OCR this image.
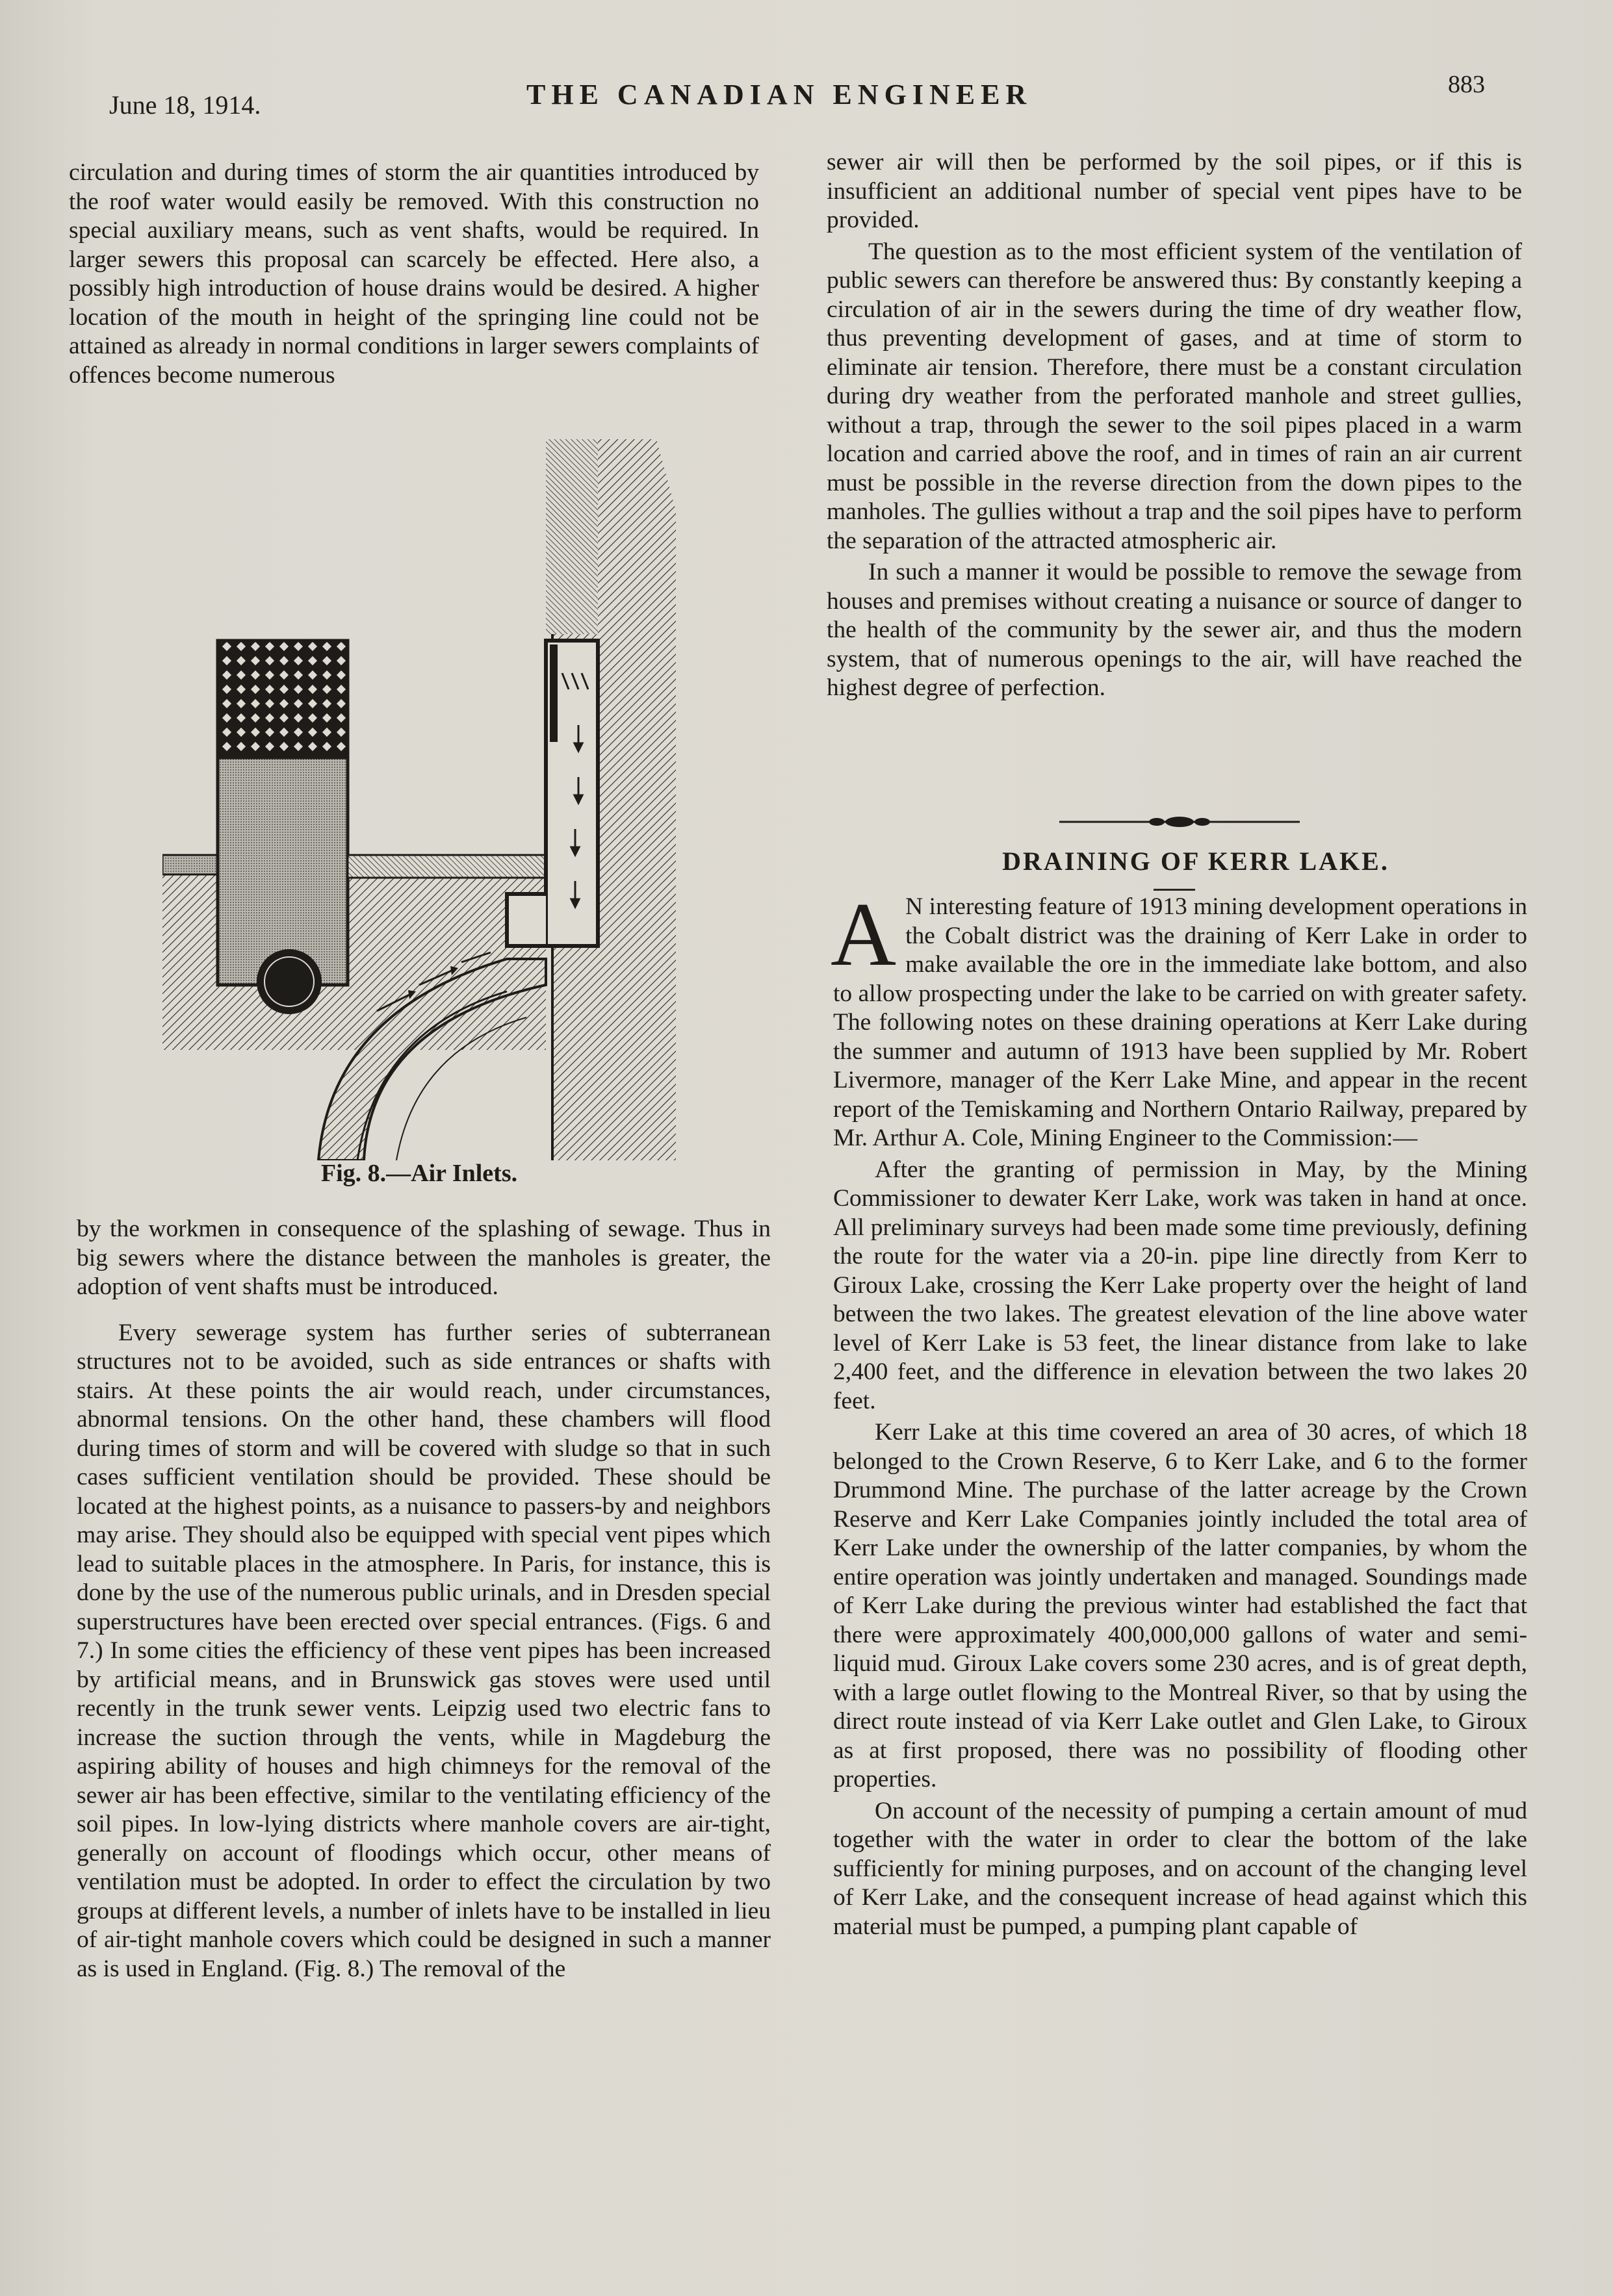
June 18, 1914.	THE CANADIAN ENGINEER	883

circulation and during times of storm the air quantities introduced by the roof water would easily be removed. With this construction no special auxiliary means, such as vent shafts, would be required. In larger sewers this proposal can scarcely be effected. Here also, a possibly high introduction of house drains would be desired. A higher location of the mouth in height of the springing line could not be attained as already in normal conditions in larger sewers complaints of offences become numerous

Fig. 8.—Air Inlets.

by the workmen in consequence of the splashing of sewage. Thus in big sewers where the distance between the manholes is greater, the adoption of vent shafts must be introduced.

Every sewerage system has further series of subterranean structures not to be avoided, such as side entrances or shafts with stairs. At these points the air would reach, under circumstances, abnormal tensions. On the other hand, these chambers will flood during times of storm and will be covered with sludge so that in such cases sufficient ventilation should be provided. These should be located at the highest points, as a nuisance to passers-by and neighbors may arise. They should also be equipped with special vent pipes which lead to suitable places in the atmosphere. In Paris, for instance, this is done by the use of the numerous public urinals, and in Dresden special superstructures have been erected over special entrances. (Figs. 6 and 7.) In some cities the efficiency of these vent pipes has been increased by artificial means, and in Brunswick gas stoves were used until recently in the trunk sewer vents. Leipzig used two electric fans to increase the suction through the vents, while in Magdeburg the aspiring ability of houses and high chimneys for the removal of the sewer air has been effective, similar to the ventilating efficiency of the soil pipes. In low-lying districts where manhole covers are air-tight, generally on account of floodings which occur, other means of ventilation must be adopted. In order to effect the circulation by two groups at different levels, a number of inlets have to be installed in lieu of air-tight manhole covers which could be designed in such a manner as is used in England. (Fig. 8.) The removal of the

sewer air will then be performed by the soil pipes, or if this is insufficient an additional number of special vent pipes have to be provided.

The question as to the most efficient system of the ventilation of public sewers can therefore be answered thus: By constantly keeping a circulation of air in the sewers during the time of dry weather flow, thus preventing development of gases, and at time of storm to eliminate air tension. Therefore, there must be a constant circulation during dry weather from the perforated manhole and street gullies, without a trap, through the sewer to the soil pipes placed in a warm location and carried above the roof, and in times of rain an air current must be possible in the reverse direction from the down pipes to the manholes. The gullies without a trap and the soil pipes have to perform the separation of the attracted atmospheric air.

In such a manner it would be possible to remove the sewage from houses and premises without creating a nuisance or source of danger to the health of the community by the sewer air, and thus the modern system, that of numerous openings to the air, will have reached the highest degree of perfection.

DRAINING OF KERR LAKE.

A N interesting feature of 1913 mining development operations in the Cobalt district was the draining of Kerr Lake in order to make available the ore in the immediate lake bottom, and also to allow prospecting under the lake to be carried on with greater safety. The following notes on these draining operations at Kerr Lake during the summer and autumn of 1913 have been supplied by Mr. Robert Livermore, manager of the Kerr Lake Mine, and appear in the recent report of the Temiskaming and Northern Ontario Railway, prepared by Mr. Arthur A. Cole, Mining Engineer to the Commission:—

After the granting of permission in May, by the Mining Commissioner to dewater Kerr Lake, work was taken in hand at once. All preliminary surveys had been made some time previously, defining the route for the water via a 20-in. pipe line directly from Kerr to Giroux Lake, crossing the Kerr Lake property over the height of land between the two lakes. The greatest elevation of the line above water level of Kerr Lake is 53 feet, the linear distance from lake to lake 2,400 feet, and the difference in elevation between the two lakes 20 feet.

Kerr Lake at this time covered an area of 30 acres, of which 18 belonged to the Crown Reserve, 6 to Kerr Lake, and 6 to the former Drummond Mine. The purchase of the latter acreage by the Crown Reserve and Kerr Lake Companies jointly included the total area of Kerr Lake under the ownership of the latter companies, by whom the entire operation was jointly undertaken and managed. Soundings made of Kerr Lake during the previous winter had established the fact that there were approximately 400,000,000 gallons of water and semi-liquid mud. Giroux Lake covers some 230 acres, and is of great depth, with a large outlet flowing to the Montreal River, so that by using the direct route instead of via Kerr Lake outlet and Glen Lake, to Giroux as at first proposed, there was no possibility of flooding other properties.

On account of the necessity of pumping a certain amount of mud together with the water in order to clear the bottom of the lake sufficiently for mining purposes, and on account of the changing level of Kerr Lake, and the consequent increase of head against which this material must be pumped, a pumping plant capable of
